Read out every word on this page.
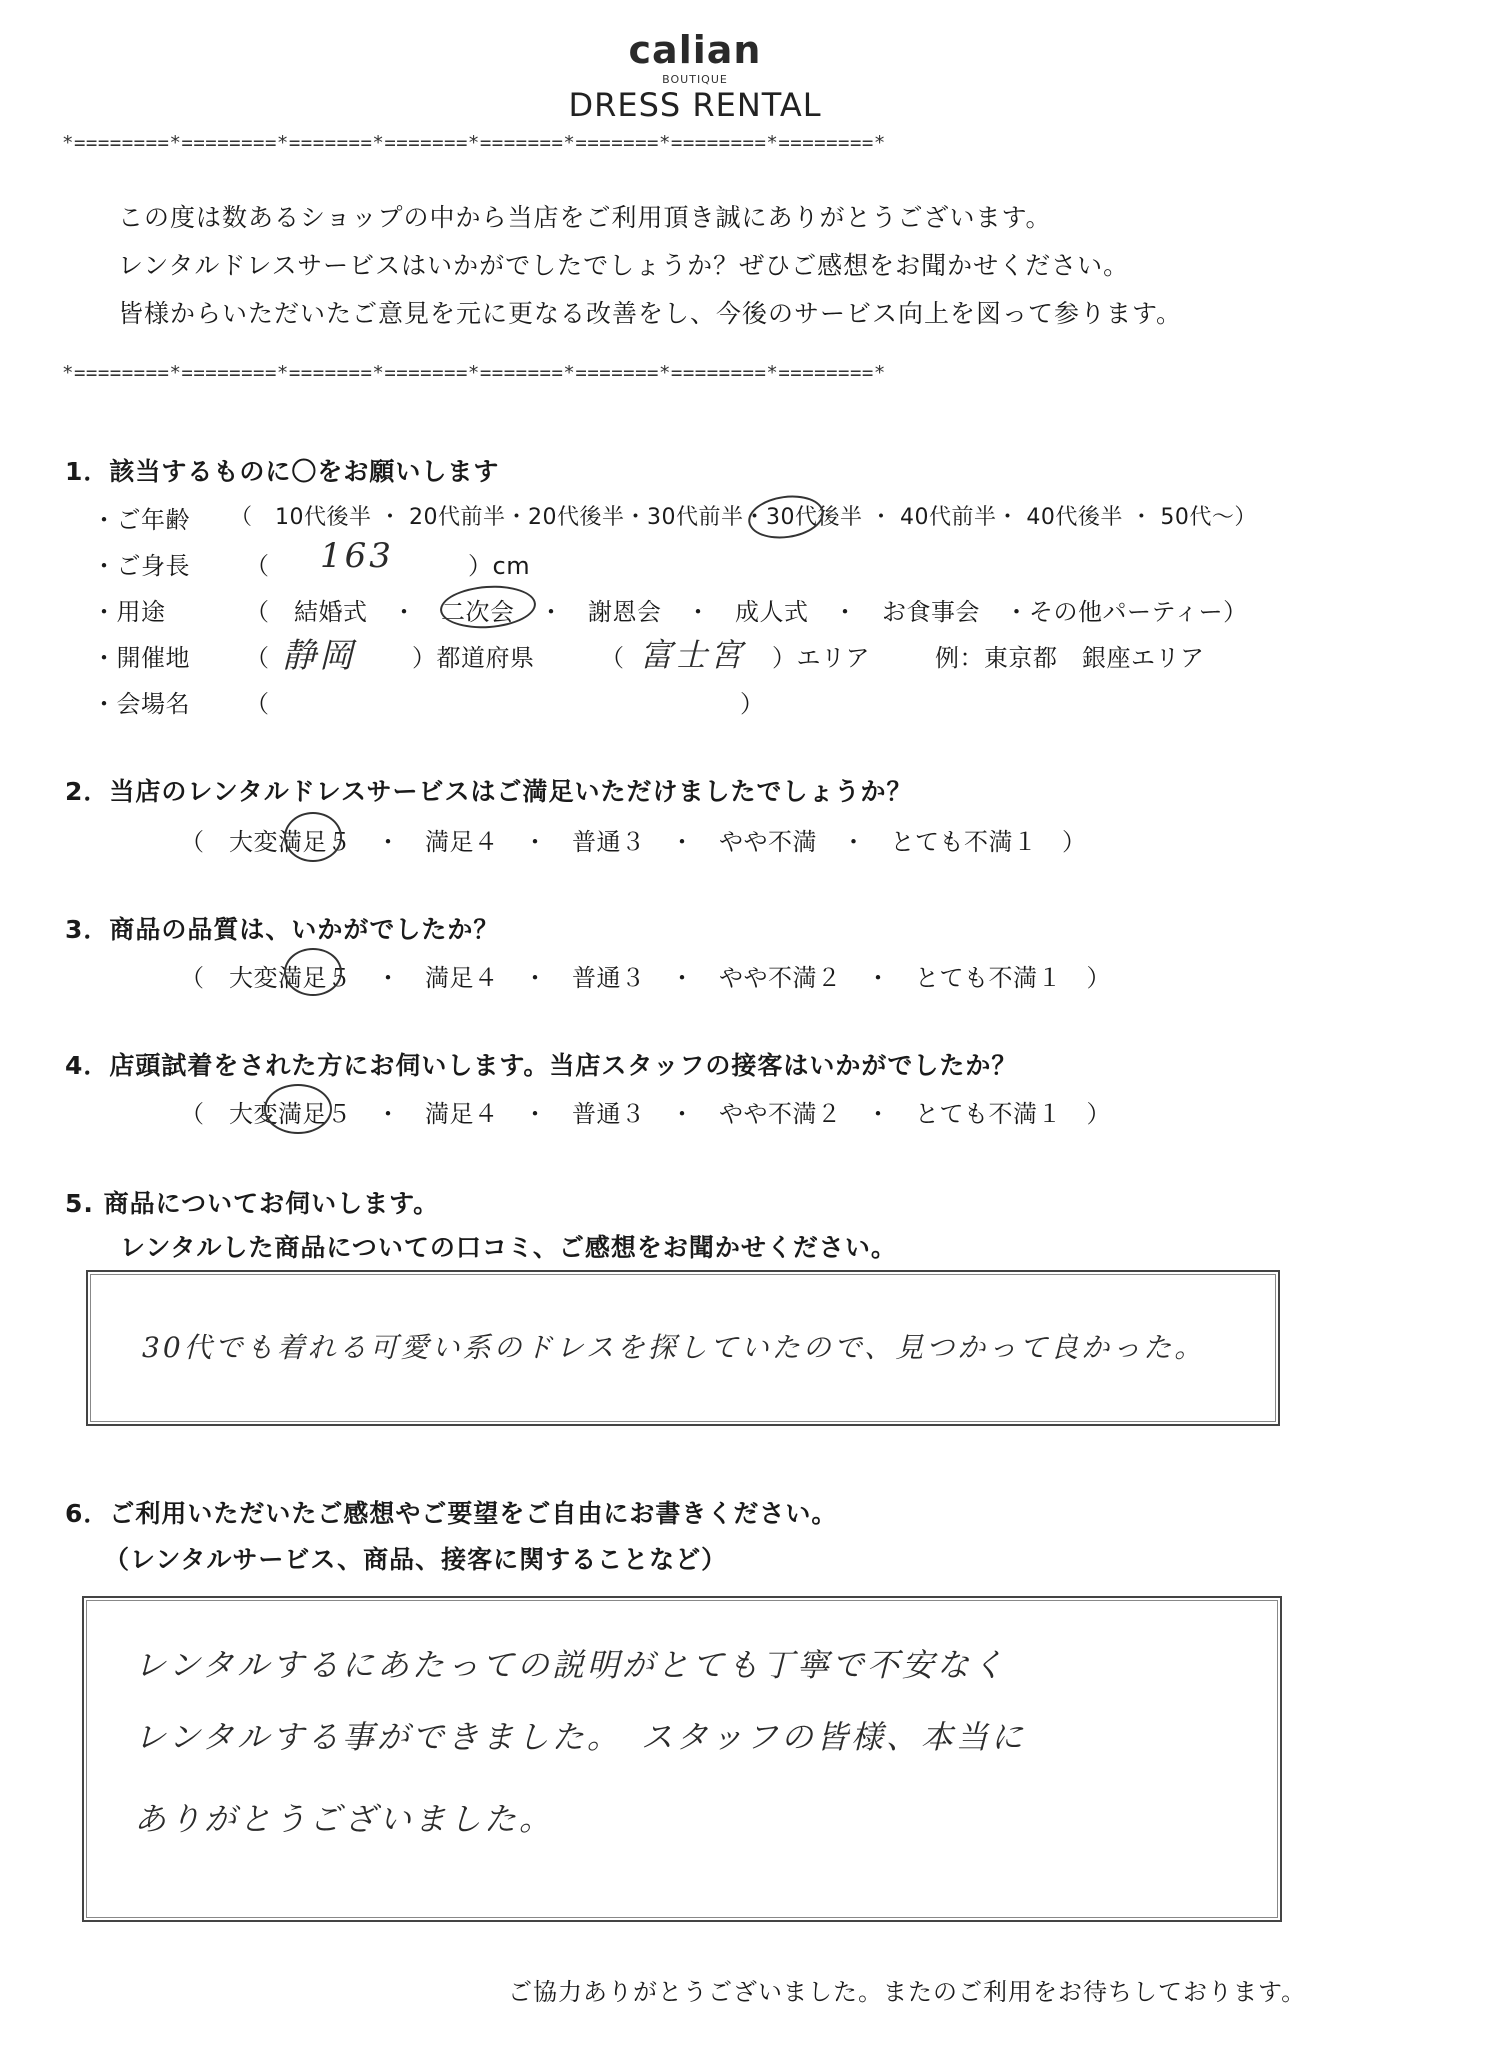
calian
BOUTIQUE
DRESS RENTAL
*========*========*=======*=======*=======*=======*========*========*
この度は数あるショップの中から当店をご利用頂き誠にありがとうございます。
レンタルドレスサービスはいかがでしたでしょうか？ぜひご感想をお聞かせください。
皆様からいただいたご意見を元に更なる改善をし、今後のサービス向上を図って参ります。
*========*========*=======*=======*=======*=======*========*========*
1．該当するものに〇をお願いします
・ご年齢 （　10代後半 ・ 20代前半・20代後半・30代前半・30代後半 ・ 40代前半・ 40代後半 ・ 50代～）
・ご身長 （ 163	）cm
・用途	（　結婚式　・　二次会　・　謝恩会　・　成人式　・　お食事会　・その他パーティー）
・開催地 （ 静岡 ）都道府県	（ 富士宮 ）エリア	例：東京都　銀座エリア
・会場名 （	）
2．当店のレンタルドレスサービスはご満足いただけましたでしょうか？
（　大変満足５　・　満足４　・　普通３　・　やや不満　・　とても不満１　）
3．商品の品質は、いかがでしたか？
（　大変満足５　・　満足４　・　普通３　・　やや不満２　・　とても不満１　）
4．店頭試着をされた方にお伺いします。当店スタッフの接客はいかがでしたか？
（　大変満足５　・　満足４　・　普通３　・　やや不満２　・　とても不満１　）
5. 商品についてお伺いします。
レンタルした商品についての口コミ、ご感想をお聞かせください。
30代でも着れる可愛い系のドレスを探していたので、見つかって良かった。
6．ご利用いただいたご感想やご要望をご自由にお書きください。
（レンタルサービス、商品、接客に関することなど）
レンタルするにあたっての説明がとても丁寧で不安なく
レンタルする事ができました。　スタッフの皆様、本当に
ありがとうございました。
ご協力ありがとうございました。またのご利用をお待ちしております。
